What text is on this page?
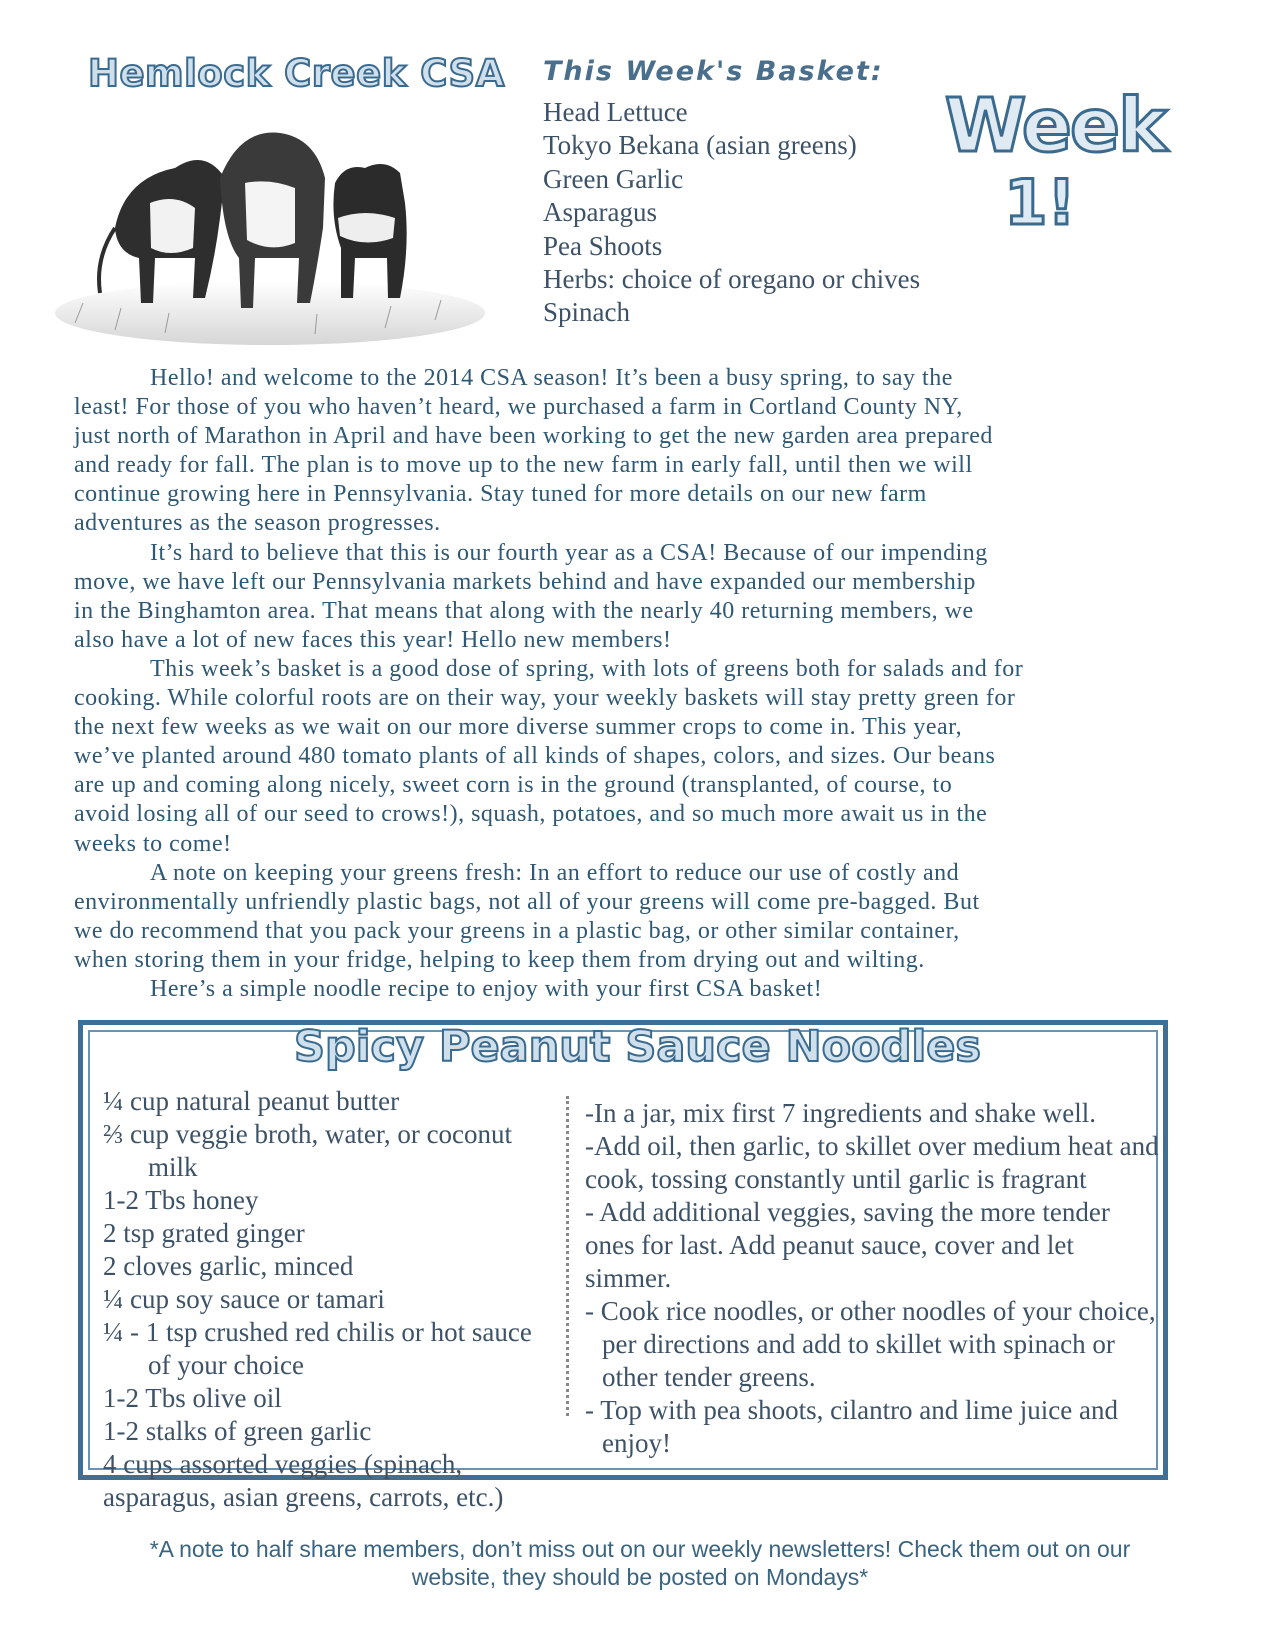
Hemlock Creek CSA This Week's Basket:
Head Lettuce
Tokyo Bekana (asian greens)
Green Garlic
Asparagus
Pea Shoots
Herbs: choice of oregano or chives
Spinach
Week
1!

Hello! and welcome to the 2014 CSA season! It’s been a busy spring, to say the
least! For those of you who haven’t heard, we purchased a farm in Cortland County NY,
just north of Marathon in April and have been working to get the new garden area prepared
and ready for fall. The plan is to move up to the new farm in early fall, until then we will
continue growing here in Pennsylvania. Stay tuned for more details on our new farm
adventures as the season progresses.

It’s hard to believe that this is our fourth year as a CSA! Because of our impending
move, we have left our Pennsylvania markets behind and have expanded our membership
in the Binghamton area. That means that along with the nearly 40 returning members, we
also have a lot of new faces this year! Hello new members!

This week’s basket is a good dose of spring, with lots of greens both for salads and for
cooking. While colorful roots are on their way, your weekly baskets will stay pretty green for
the next few weeks as we wait on our more diverse summer crops to come in. This year,
we’ve planted around 480 tomato plants of all kinds of shapes, colors, and sizes. Our beans
are up and coming along nicely, sweet corn is in the ground (transplanted, of course, to
avoid losing all of our seed to crows!), squash, potatoes, and so much more await us in the
weeks to come!

A note on keeping your greens fresh: In an effort to reduce our use of costly and
environmentally unfriendly plastic bags, not all of your greens will come pre-bagged. But
we do recommend that you pack your greens in a plastic bag, or other similar container,
when storing them in your fridge, helping to keep them from drying out and wilting.

Here’s a simple noodle recipe to enjoy with your first CSA basket!

Spicy Peanut Sauce Noodles
¼ cup natural peanut butter
⅔ cup veggie broth, water, or coconut milk
1-2 Tbs honey
2 tsp grated ginger
2 cloves garlic, minced
¼ cup soy sauce or tamari
¼ - 1 tsp crushed red chilis or hot sauce of your choice
1-2 Tbs olive oil
1-2 stalks of green garlic
4 cups assorted veggies (spinach, asparagus, asian greens, carrots, etc.)
-In a jar, mix first 7 ingredients and shake well.
-Add oil, then garlic, to skillet over medium heat and cook, tossing constantly until garlic is fragrant
- Add additional veggies, saving the more tender ones for last. Add peanut sauce, cover and let simmer.
- Cook rice noodles, or other noodles of your choice, per directions and add to skillet with spinach or other tender greens.
- Top with pea shoots, cilantro and lime juice and enjoy!

*A note to half share members, don’t miss out on our weekly newsletters! Check them out on our
website, they should be posted on Mondays*
